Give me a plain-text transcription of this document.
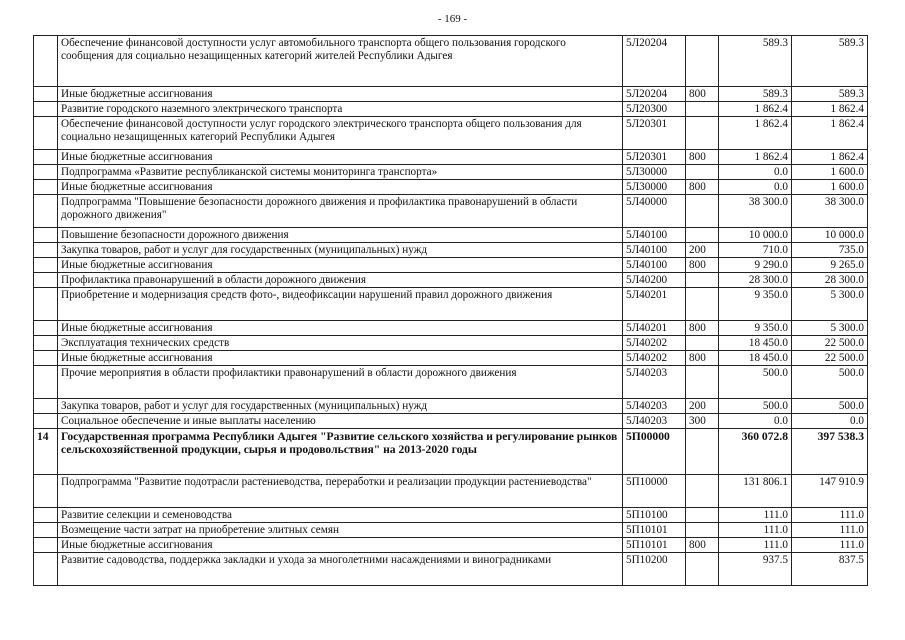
- 169 -
	Обеспечение финансовой доступности услуг автомобильного транспорта общего пользования городского сообщения для социально незащищенных категорий жителей Республики Адыгея	5Л20204		589.3	589.3
	Иные бюджетные ассигнования	5Л20204	800	589.3	589.3
	Развитие городского наземного электрического транспорта	5Л20300		1 862.4	1 862.4
	Обеспечение финансовой доступности услуг городского электрического транспорта общего пользования для социально незащищенных категорий Республики Адыгея	5Л20301		1 862.4	1 862.4
	Иные бюджетные ассигнования	5Л20301	800	1 862.4	1 862.4
	Подпрограмма «Развитие республиканской системы мониторинга транспорта»	5Л30000		0.0	1 600.0
	Иные бюджетные ассигнования	5Л30000	800	0.0	1 600.0
	Подпрограмма "Повышение безопасности дорожного движения и профилактика правонарушений в области дорожного движения"	5Л40000		38 300.0	38 300.0
	Повышение безопасности дорожного движения	5Л40100		10 000.0	10 000.0
	Закупка товаров, работ и услуг для государственных (муниципальных) нужд	5Л40100	200	710.0	735.0
	Иные бюджетные ассигнования	5Л40100	800	9 290.0	9 265.0
	Профилактика правонарушений в области дорожного движения	5Л40200		28 300.0	28 300.0
	Приобретение и модернизация средств фото-, видеофиксации нарушений правил дорожного движения	5Л40201		9 350.0	5 300.0
	Иные бюджетные ассигнования	5Л40201	800	9 350.0	5 300.0
	Эксплуатация технических средств	5Л40202		18 450.0	22 500.0
	Иные бюджетные ассигнования	5Л40202	800	18 450.0	22 500.0
	Прочие мероприятия в области профилактики правонарушений в области дорожного движения	5Л40203		500.0	500.0
	Закупка товаров, работ и услуг для государственных (муниципальных) нужд	5Л40203	200	500.0	500.0
	Социальное обеспечение и иные выплаты населению	5Л40203	300	0.0	0.0
14	Государственная программа Республики Адыгея "Развитие сельского хозяйства и регулирование рынков сельскохозяйственной продукции, сырья и продовольствия" на 2013-2020 годы	5П00000		360 072.8	397 538.3
	Подпрограмма "Развитие подотрасли растениеводства, переработки и реализации продукции растениеводства"	5П10000		131 806.1	147 910.9
	Развитие селекции и семеноводства	5П10100		111.0	111.0
	Возмещение части затрат на приобретение элитных семян	5П10101		111.0	111.0
	Иные бюджетные ассигнования	5П10101	800	111.0	111.0
	Развитие садоводства, поддержка закладки и ухода за многолетними насаждениями и виноградниками	5П10200		937.5	837.5
